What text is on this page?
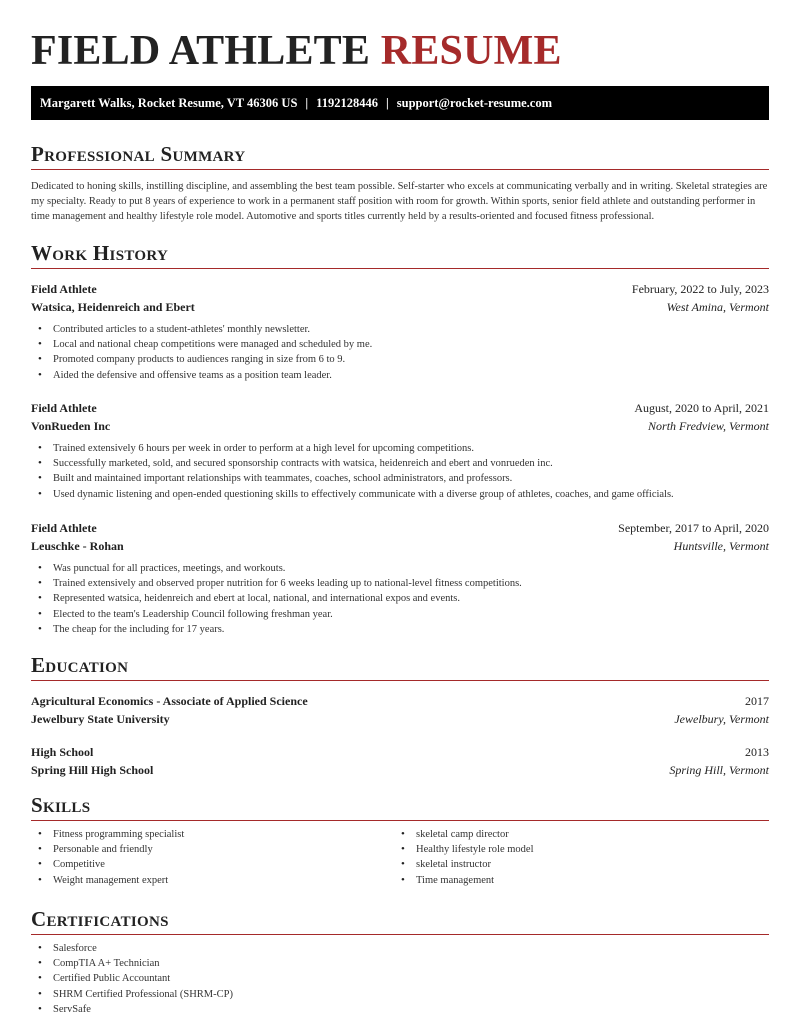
FIELD ATHLETE RESUME
Margarett Walks, Rocket Resume, VT 46306 US | 1192128446 | support@rocket-resume.com
Professional Summary

Dedicated to honing skills, instilling discipline, and assembling the best team possible. Self-starter who excels at communicating verbally and in writing. Skeletal strategies are my specialty. Ready to put 8 years of experience to work in a permanent staff position with room for growth. Within sports, senior field athlete and outstanding performer in time management and healthy lifestyle role model. Automotive and sports titles currently held by a results-oriented and focused fitness professional.

Work History
Field Athlete	February, 2022 to July, 2023
Watsica, Heidenreich and Ebert	West Amina, Vermont
• Contributed articles to a student-athletes' monthly newsletter.
• Local and national cheap competitions were managed and scheduled by me.
• Promoted company products to audiences ranging in size from 6 to 9.
• Aided the defensive and offensive teams as a position team leader.
Field Athlete	August, 2020 to April, 2021
VonRueden Inc	North Fredview, Vermont
• Trained extensively 6 hours per week in order to perform at a high level for upcoming competitions.
• Successfully marketed, sold, and secured sponsorship contracts with watsica, heidenreich and ebert and vonrueden inc.
• Built and maintained important relationships with teammates, coaches, school administrators, and professors.
• Used dynamic listening and open-ended questioning skills to effectively communicate with a diverse group of athletes, coaches, and game officials.
Field Athlete	September, 2017 to April, 2020
Leuschke - Rohan	Huntsville, Vermont
• Was punctual for all practices, meetings, and workouts.
• Trained extensively and observed proper nutrition for 6 weeks leading up to national-level fitness competitions.
• Represented watsica, heidenreich and ebert at local, national, and international expos and events.
• Elected to the team's Leadership Council following freshman year.
• The cheap for the including for 17 years.
Education
Agricultural Economics - Associate of Applied Science	2017
Jewelbury State University	Jewelbury, Vermont
High School	2013
Spring Hill High School	Spring Hill, Vermont
Skills
• Fitness programming specialist
• Personable and friendly
• Competitive
• Weight management expert
• skeletal camp director
• Healthy lifestyle role model
• skeletal instructor
• Time management
Certifications
• Salesforce
• CompTIA A+ Technician
• Certified Public Accountant
• SHRM Certified Professional (SHRM-CP)
• ServSafe
